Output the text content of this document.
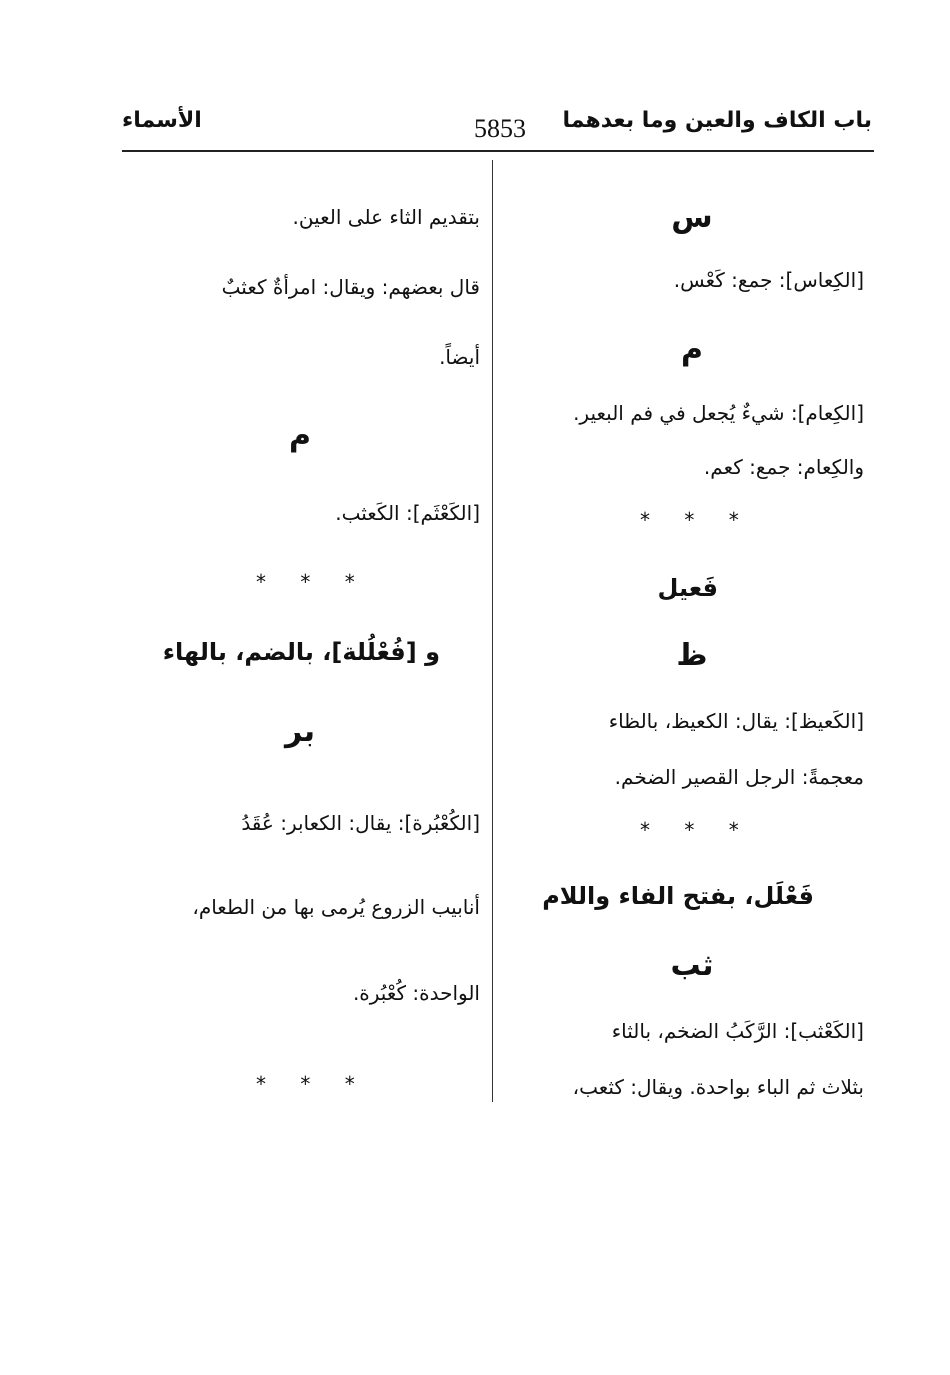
الأسماء	5853 باب الكاف والعين وما بعدهما
س
[الكِعاس]: جمع: كَعْس.
م
[الكِعام]: شيءٌ يُجعل في فم البعير.
والكِعام: جمع: كعم.
* * *
فَعيل
ظ
[الكَعيظ]: يقال: الكعيظ، بالظاء
معجمةً: الرجل القصير الضخم.
* * *
فَعْلَل، بفتح الفاء واللام
ثب
[الكَعْثب]: الرَّكَبُ الضخم، بالثاء
بثلاث ثم الباء بواحدة. ويقال: كثعب،
بتقديم الثاء على العين.
قال بعضهم: ويقال: امرأةٌ كعثبٌ
أيضاً.
م
[الكَعْثَم]: الكَعثب.
* * *
و [فُعْلُلة]، بالضم، بالهاء
بر
[الكُعْبُرة]: يقال: الكعابر: عُقَدُ
أنابيب الزروع يُرمى بها من الطعام،
الواحدة: كُعْبُرة.
* * *
